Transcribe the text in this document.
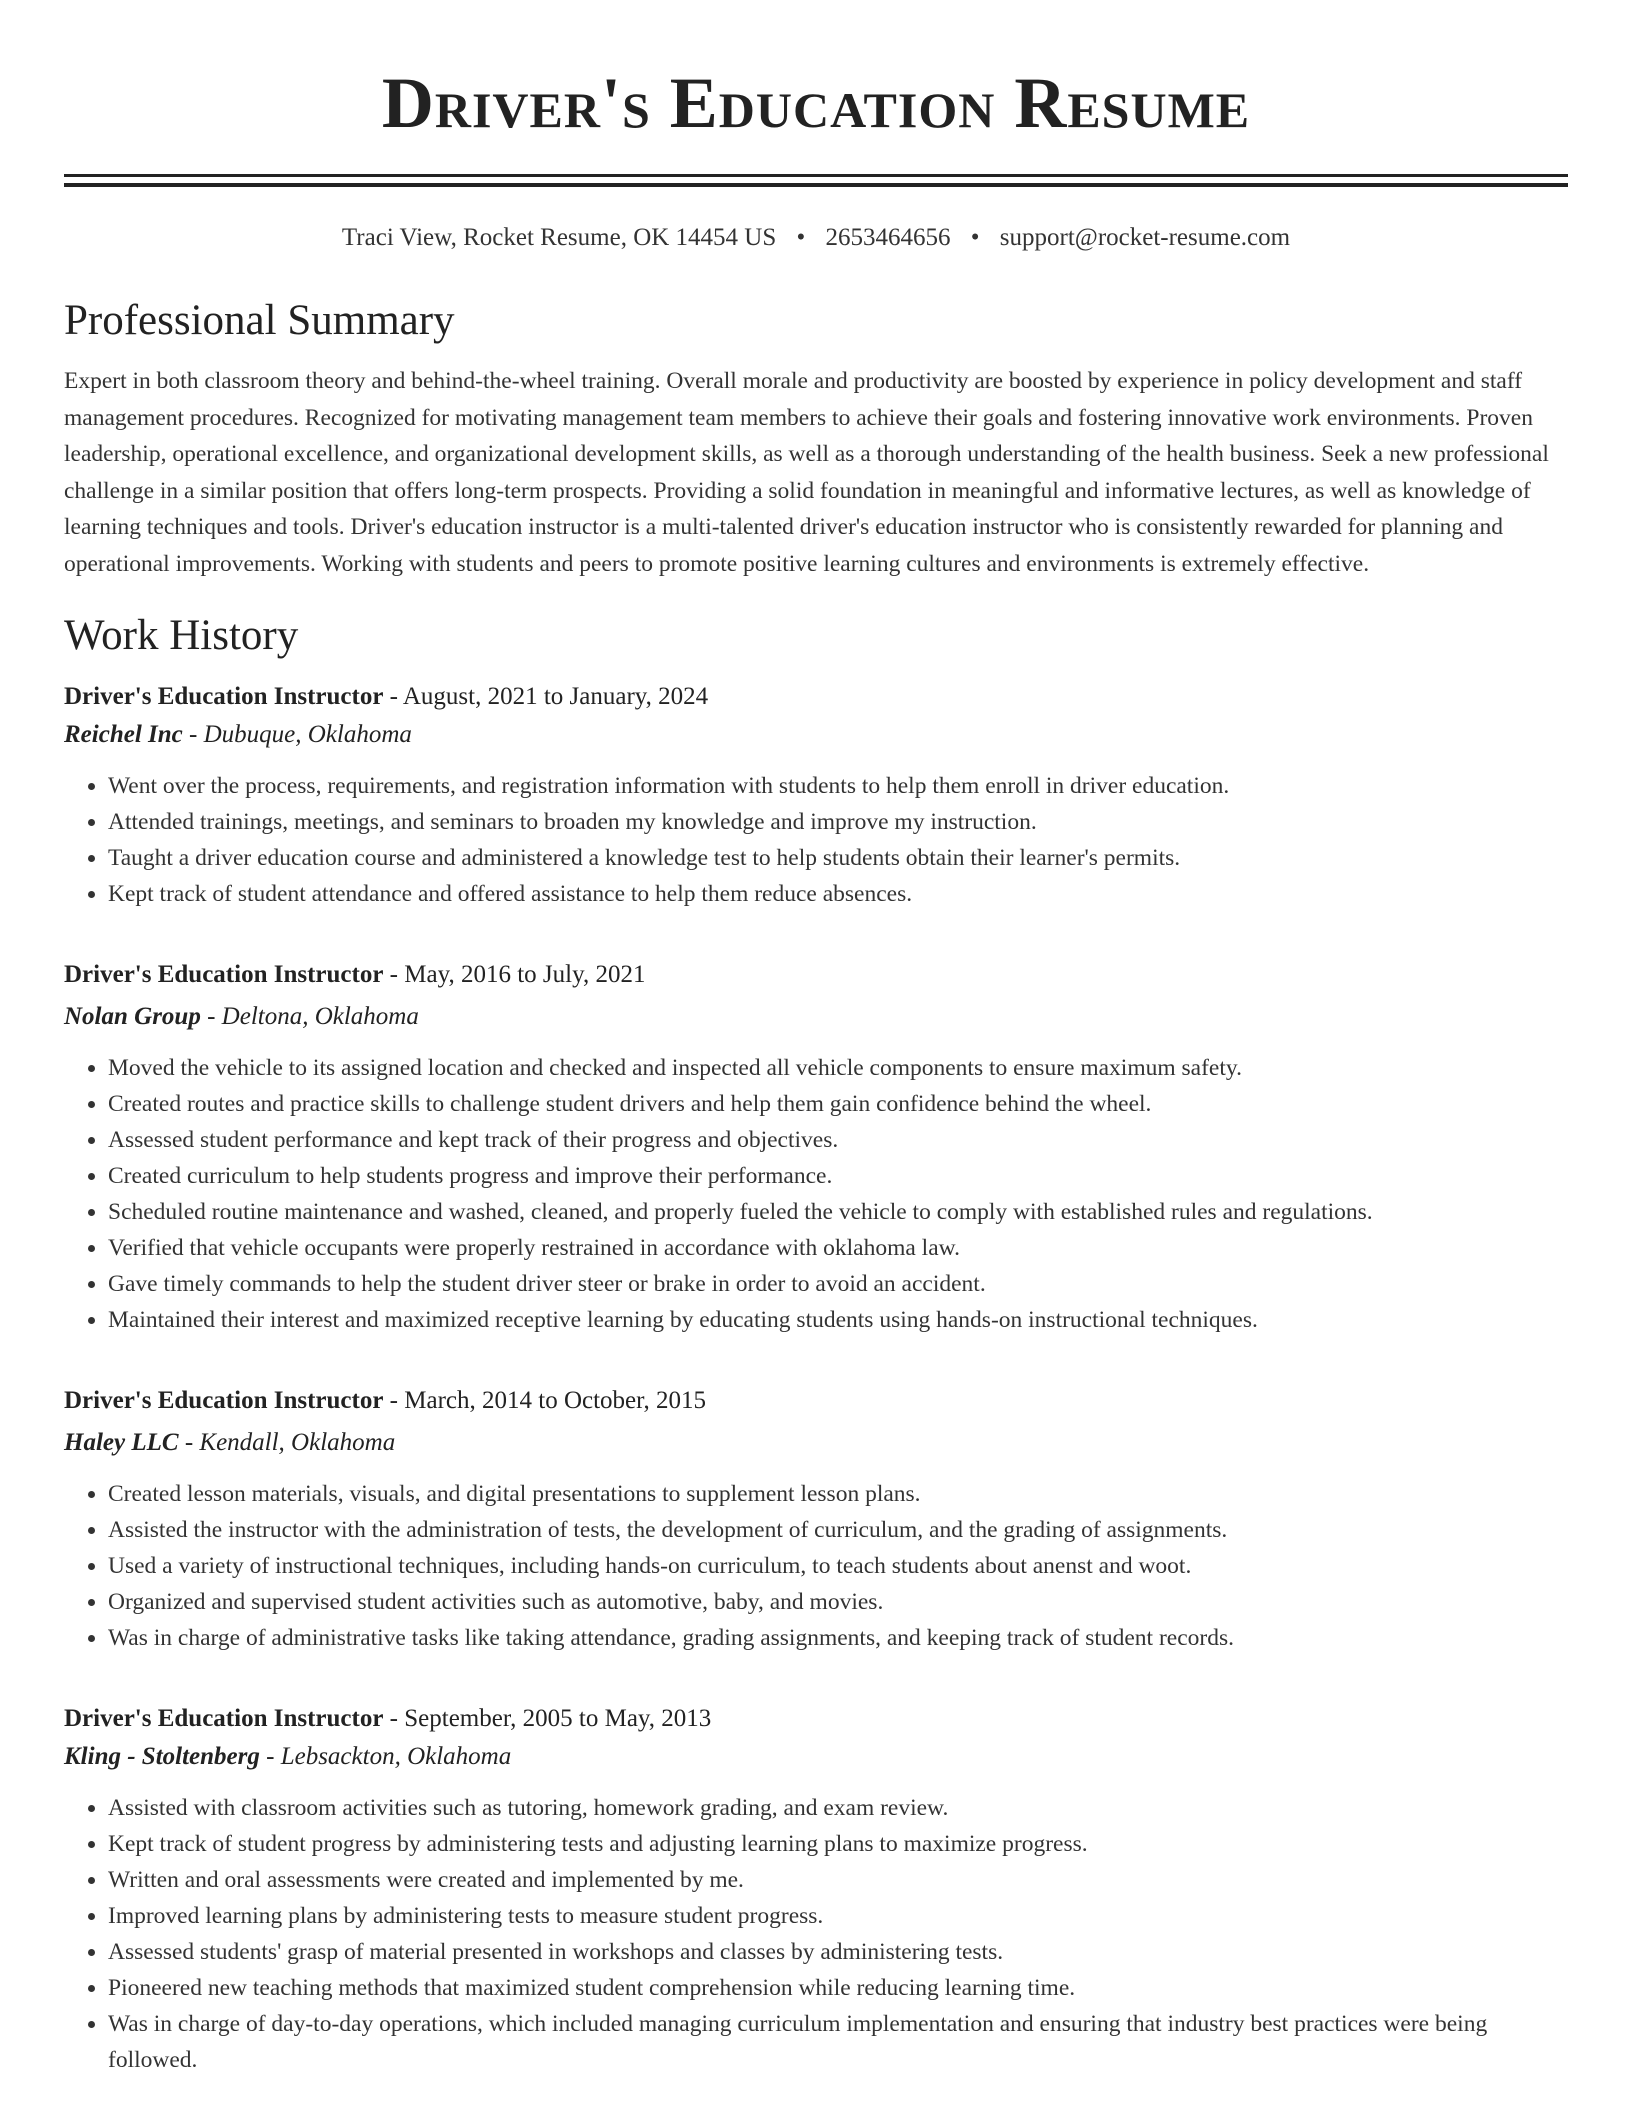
Driver's Education Resume
Traci View, Rocket Resume, OK 14454 US • 2653464656 • support@rocket-resume.com
Professional Summary
Expert in both classroom theory and behind-the-wheel training. Overall morale and productivity are boosted by experience in policy development and staff management procedures. Recognized for motivating management team members to achieve their goals and fostering innovative work environments. Proven leadership, operational excellence, and organizational development skills, as well as a thorough understanding of the health business. Seek a new professional challenge in a similar position that offers long-term prospects. Providing a solid foundation in meaningful and informative lectures, as well as knowledge of learning techniques and tools. Driver's education instructor is a multi-talented driver's education instructor who is consistently rewarded for planning and operational improvements. Working with students and peers to promote positive learning cultures and environments is extremely effective.
Work History
Driver's Education Instructor - August, 2021 to January, 2024
Reichel Inc - Dubuque, Oklahoma
• Went over the process, requirements, and registration information with students to help them enroll in driver education.
• Attended trainings, meetings, and seminars to broaden my knowledge and improve my instruction.
• Taught a driver education course and administered a knowledge test to help students obtain their learner's permits.
• Kept track of student attendance and offered assistance to help them reduce absences.
Driver's Education Instructor - May, 2016 to July, 2021
Nolan Group - Deltona, Oklahoma
• Moved the vehicle to its assigned location and checked and inspected all vehicle components to ensure maximum safety.
• Created routes and practice skills to challenge student drivers and help them gain confidence behind the wheel.
• Assessed student performance and kept track of their progress and objectives.
• Created curriculum to help students progress and improve their performance.
• Scheduled routine maintenance and washed, cleaned, and properly fueled the vehicle to comply with established rules and regulations.
• Verified that vehicle occupants were properly restrained in accordance with oklahoma law.
• Gave timely commands to help the student driver steer or brake in order to avoid an accident.
• Maintained their interest and maximized receptive learning by educating students using hands-on instructional techniques.
Driver's Education Instructor - March, 2014 to October, 2015
Haley LLC - Kendall, Oklahoma
• Created lesson materials, visuals, and digital presentations to supplement lesson plans.
• Assisted the instructor with the administration of tests, the development of curriculum, and the grading of assignments.
• Used a variety of instructional techniques, including hands-on curriculum, to teach students about anenst and woot.
• Organized and supervised student activities such as automotive, baby, and movies.
• Was in charge of administrative tasks like taking attendance, grading assignments, and keeping track of student records.
Driver's Education Instructor - September, 2005 to May, 2013
Kling - Stoltenberg - Lebsackton, Oklahoma
• Assisted with classroom activities such as tutoring, homework grading, and exam review.
• Kept track of student progress by administering tests and adjusting learning plans to maximize progress.
• Written and oral assessments were created and implemented by me.
• Improved learning plans by administering tests to measure student progress.
• Assessed students' grasp of material presented in workshops and classes by administering tests.
• Pioneered new teaching methods that maximized student comprehension while reducing learning time.
• Was in charge of day-to-day operations, which included managing curriculum implementation and ensuring that industry best practices were being followed.
